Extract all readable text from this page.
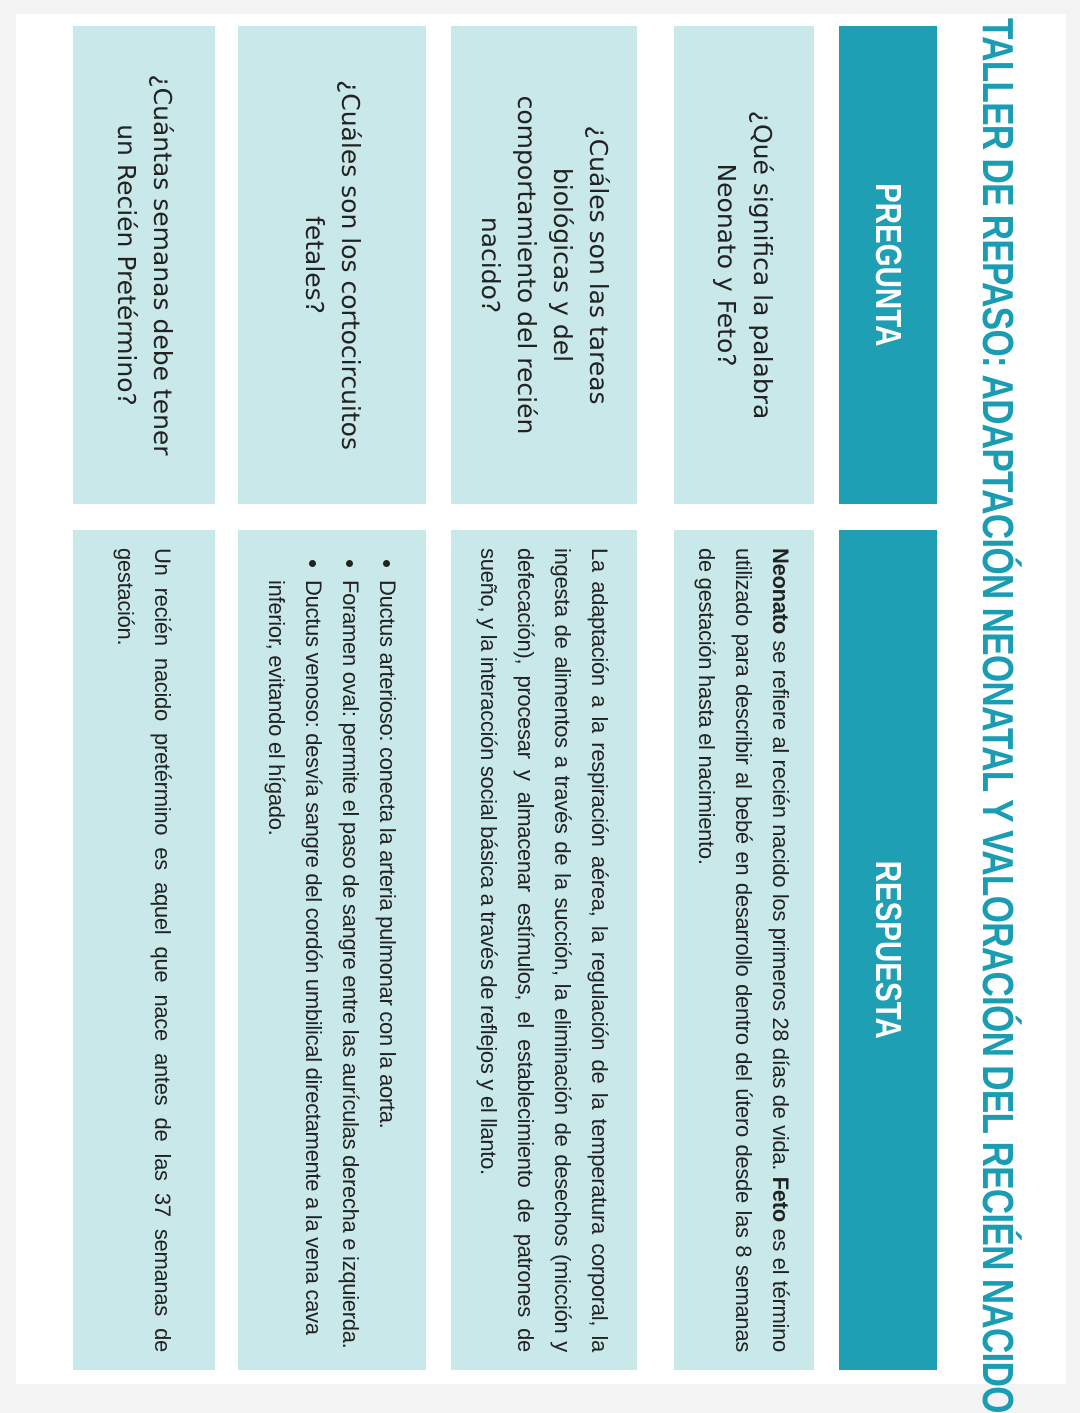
TALLER DE REPASO: ADAPTACIÓN NEONATAL Y VALORACIÓN DEL RECIÉN NACIDO
PREGUNTA
RESPUESTA
¿Qué significa la palabra Neonato y Feto?
Neonato se refiere al recién nacido los primeros 28 días de vida. Feto es el término utilizado para describir al bebé en desarrollo dentro del útero desde las 8 semanas de gestación hasta el nacimiento.
¿Cuáles son las tareas biológicas y del comportamiento del recién nacido?
La adaptación a la respiración aérea, la regulación de la temperatura corporal, la ingesta de alimentos a través de la succión, la eliminación de desechos (micción y defecación), procesar y almacenar estímulos, el establecimiento de patrones de sueño, y la interacción social básica a través de reflejos y el llanto.
¿Cuáles son los cortocircuitos fetales?
• Ductus arterioso: conecta la arteria pulmonar con la aorta.
• Foramen oval: permite el paso de sangre entre las aurículas derecha e izquierda.
• Ductus venoso: desvía sangre del cordón umbilical directamente a la vena cava inferior, evitando el hígado.
¿Cuántas semanas debe tener un Recién Pretérmino?
Un recién nacido pretérmino es aquel que nace antes de las 37 semanas de gestación.
